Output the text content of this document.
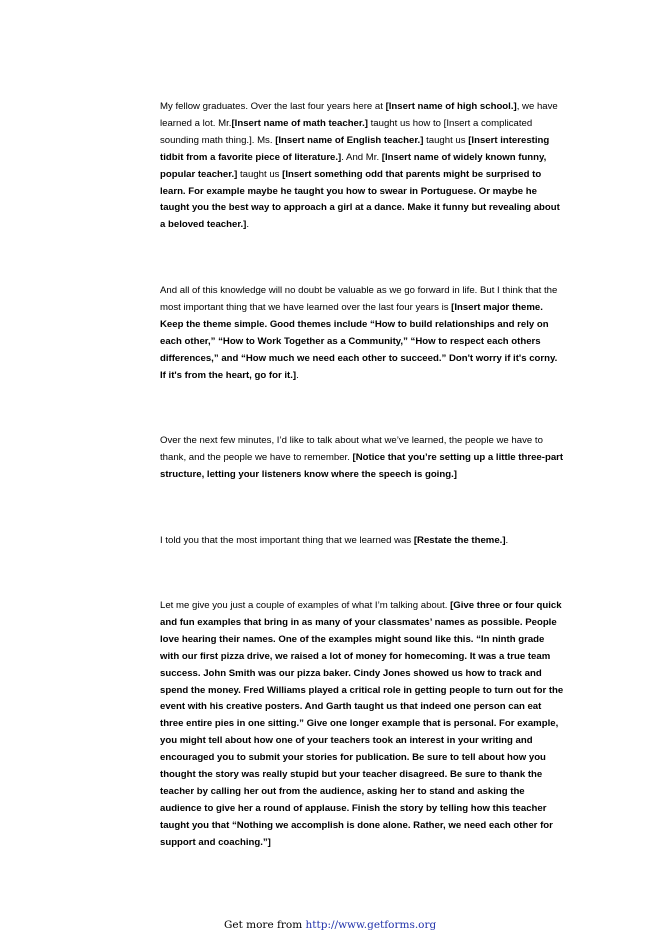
My fellow graduates. Over the last four years here at [Insert name of high school.], we have learned a lot. Mr.[Insert name of math teacher.] taught us how to [Insert a complicated sounding math thing.]. Ms. [Insert name of English teacher.] taught us [Insert interesting tidbit from a favorite piece of literature.]. And Mr. [Insert name of widely known funny, popular teacher.] taught us [Insert something odd that parents might be surprised to learn. For example maybe he taught you how to swear in Portuguese. Or maybe he taught you the best way to approach a girl at a dance. Make it funny but revealing about a beloved teacher.].

And all of this knowledge will no doubt be valuable as we go forward in life. But I think that the most important thing that we have learned over the last four years is [Insert major theme. Keep the theme simple. Good themes include “How to build relationships and rely on each other,” “How to Work Together as a Community,” “How to respect each others differences,” and “How much we need each other to succeed.” Don't worry if it's corny. If it's from the heart, go for it.].

Over the next few minutes, I’d like to talk about what we’ve learned, the people we have to thank, and the people we have to remember. [Notice that you’re setting up a little three-part structure, letting your listeners know where the speech is going.]

I told you that the most important thing that we learned was [Restate the theme.].

Let me give you just a couple of examples of what I’m talking about. [Give three or four quick and fun examples that bring in as many of your classmates’ names as possible. People love hearing their names. One of the examples might sound like this. “In ninth grade with our first pizza drive, we raised a lot of money for homecoming. It was a true team success. John Smith was our pizza baker. Cindy Jones showed us how to track and spend the money. Fred Williams played a critical role in getting people to turn out for the event with his creative posters. And Garth taught us that indeed one person can eat three entire pies in one sitting.” Give one longer example that is personal. For example, you might tell about how one of your teachers took an interest in your writing and encouraged you to submit your stories for publication. Be sure to tell about how you thought the story was really stupid but your teacher disagreed. Be sure to thank the teacher by calling her out from the audience, asking her to stand and asking the audience to give her a round of applause. Finish the story by telling how this teacher taught you that “Nothing we accomplish is done alone. Rather, we need each other for support and coaching.”]

Get more from http://www.getforms.org
